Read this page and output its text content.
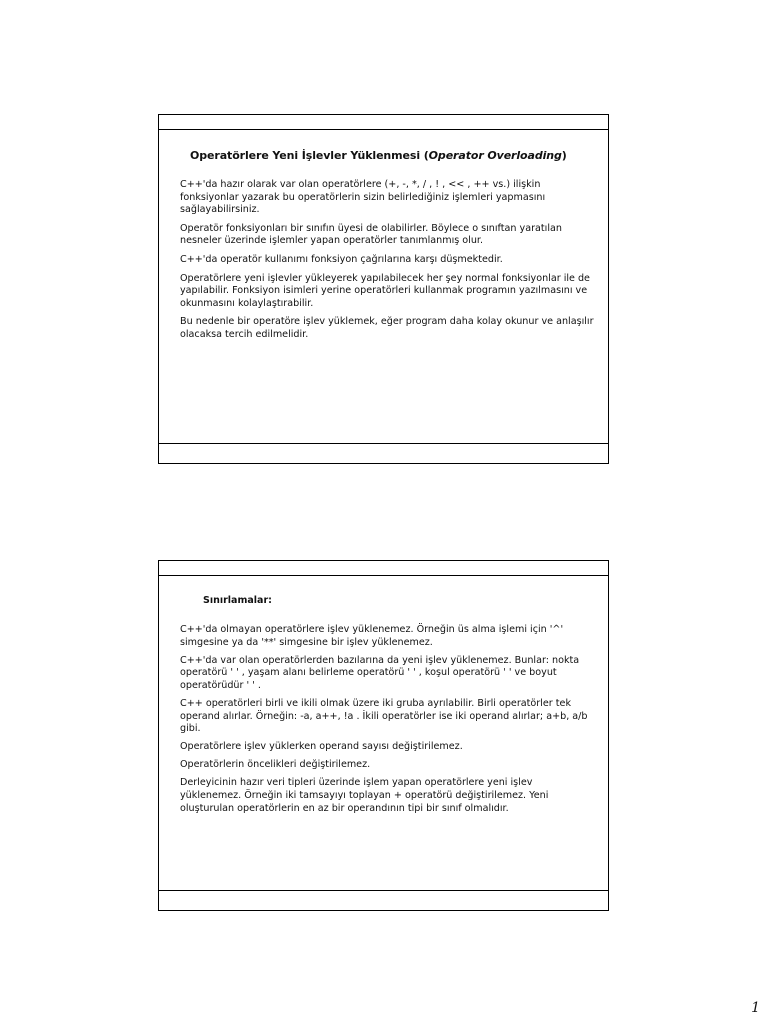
Operatörlere Yeni İşlevler Yüklenmesi (Operator Overloading)

C++'da hazır olarak var olan operatörlere (+, -, *, / , ! , << , ++ vs.) ilişkin fonksiyonlar yazarak bu operatörlerin sizin belirlediğiniz işlemleri yapmasını sağlayabilirsiniz.

Operatör fonksiyonları bir sınıfın üyesi de olabilirler. Böylece o sınıftan yaratılan nesneler üzerinde işlemler yapan operatörler tanımlanmış olur.

C++'da operatör kullanımı fonksiyon çağrılarına karşı düşmektedir.

Operatörlere yeni işlevler yükleyerek yapılabilecek her şey normal fonksiyonlar ile de yapılabilir. Fonksiyon isimleri yerine operatörleri kullanmak programın yazılmasını ve okunmasını kolaylaştırabilir.

Bu nedenle bir operatöre işlev yüklemek, eğer program daha kolay okunur ve anlaşılır olacaksa tercih edilmelidir.

Sınırlamalar:

C++'da olmayan operatörlere işlev yüklenemez. Örneğin üs alma işlemi için '^' simgesine ya da '**' simgesine bir işlev yüklenemez.

C++'da var olan operatörlerden bazılarına da yeni işlev yüklenemez. Bunlar: nokta operatörü ' ' , yaşam alanı belirleme operatörü ' ' , koşul operatörü ' ' ve boyut operatörüdür ' ' .

C++ operatörleri birli ve ikili olmak üzere iki gruba ayrılabilir. Birli operatörler tek operand alırlar. Örneğin: -a, a++, !a . İkili operatörler ise iki operand alırlar; a+b, a/b gibi.

Operatörlere işlev yüklerken operand sayısı değiştirilemez.

Operatörlerin öncelikleri değiştirilemez.

Derleyicinin hazır veri tipleri üzerinde işlem yapan operatörlere yeni işlev yüklenemez. Örneğin iki tamsayıyı toplayan + operatörü değiştirilemez. Yeni oluşturulan operatörlerin en az bir operandının tipi bir sınıf olmalıdır.

1
